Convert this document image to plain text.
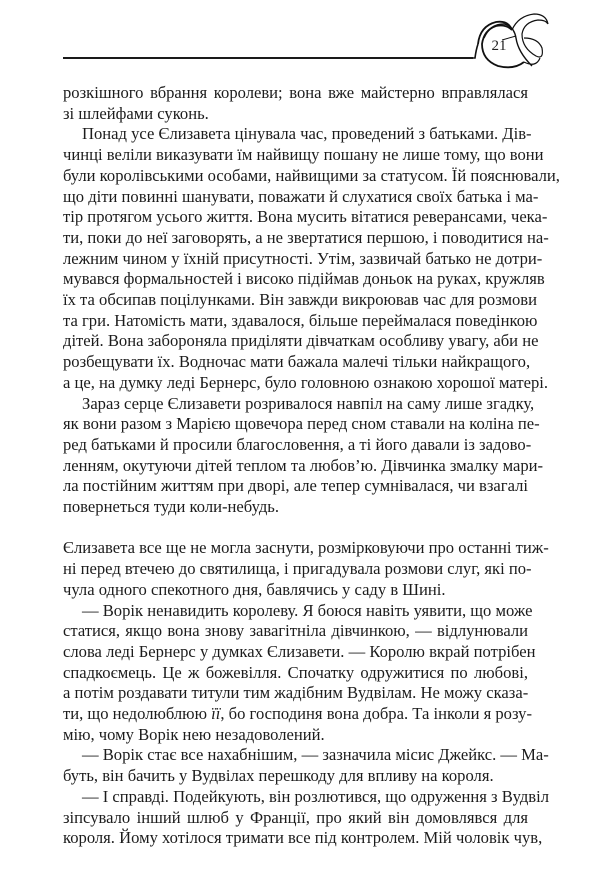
21

розкішного вбрання королеви; вона вже майстерно вправлялася
зі шлейфами суконь.

Понад усе Єлизавета цінувала час, проведений з батьками. Дів-
чинці веліли виказувати їм найвищу пошану не лише тому, що вони
були королівськими особами, найвищими за статусом. Їй пояснювали,
що діти повинні шанувати, поважати й слухатися своїх батька і ма-
тір протягом усього життя. Вона мусить вітатися реверансами, чека-
ти, поки до неї заговорять, а не звертатися першою, і поводитися на-
лежним чином у їхній присутності. Утім, зазвичай батько не дотри-
мувався формальностей і високо підіймав доньок на руках, кружляв
їх та обсипав поцілунками. Він завжди викроював час для розмови
та гри. Натомість мати, здавалося, більше переймалася поведінкою
дітей. Вона забороняла приділяти дівчаткам особливу увагу, аби не
розбещувати їх. Водночас мати бажала малечі тільки найкращого,
а це, на думку леді Бернерс, було головною ознакою хорошої матері.

Зараз серце Єлизавети розривалося навпіл на саму лише згадку,
як вони разом з Марією щовечора перед сном ставали на коліна пе-
ред батьками й просили благословення, а ті його давали із задово-
ленням, окутуючи дітей теплом та любов’ю. Дівчинка змалку мари-
ла постійним життям при дворі, але тепер сумнівалася, чи взагалі
повернеться туди коли-небудь.

Єлизавета все ще не могла заснути, розмірковуючи про останні тиж-
ні перед втечею до святилища, і пригадувала розмови слуг, які по-
чула одного спекотного дня, бавлячись у саду в Шині.

— Ворік ненавидить королеву. Я боюся навіть уявити, що може
статися, якщо вона знову завагітніла дівчинкою, — відлунювали
слова леді Бернерс у думках Єлизавети. — Королю вкрай потрібен
спадкоємець. Це ж божевілля. Спочатку одружитися по любові,
а потім роздавати титули тим жадібним Вудвілам. Не можу сказа-
ти, що недолюблюю її, бо господиня вона добра. Та інколи я розу-
мію, чому Ворік нею незадоволений.

— Ворік стає все нахабнішим, — зазначила місис Джейкс. — Ма-
буть, він бачить у Вудвілах перешкоду для впливу на короля.

— І справді. Подейкують, він розлютився, що одруження з Вудвіл
зіпсувало інший шлюб у Франції, про який він домовлявся для
короля. Йому хотілося тримати все під контролем. Мій чоловік чув,
